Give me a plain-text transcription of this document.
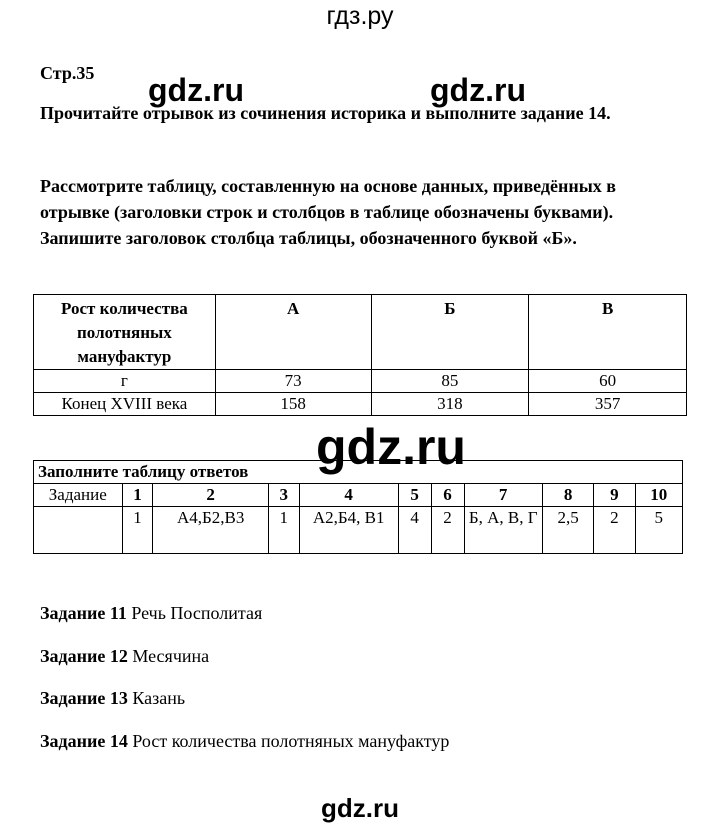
гдз.ру
Стр.35 gdz.ru	gdz.ru
Прочитайте отрывок из сочинения историка и выполните задание 14.
Рассмотрите таблицу, составленную на основе данных, приведённых в отрывке (заголовки строк и столбцов в таблице обозначены буквами). Запишите заголовок столбца таблицы, обозначенного буквой «Б».
Рост количества полотняных мануфактур	А	Б	В
г	73	85	60
Конец XVIII века	158	318	357
gdz.ru
Заполните таблицу ответов										
Задание	1	2	3	4	5	6	7	8	9	10
	1	А4,Б2,В3	1	А2,Б4, В1	4	2	Б, А, В, Г	2,5	2	5
Задание 11 Речь Посполитая
Задание 12 Месячина
Задание 13 Казань
Задание 14 Рост количества полотняных мануфактур
gdz.ru
